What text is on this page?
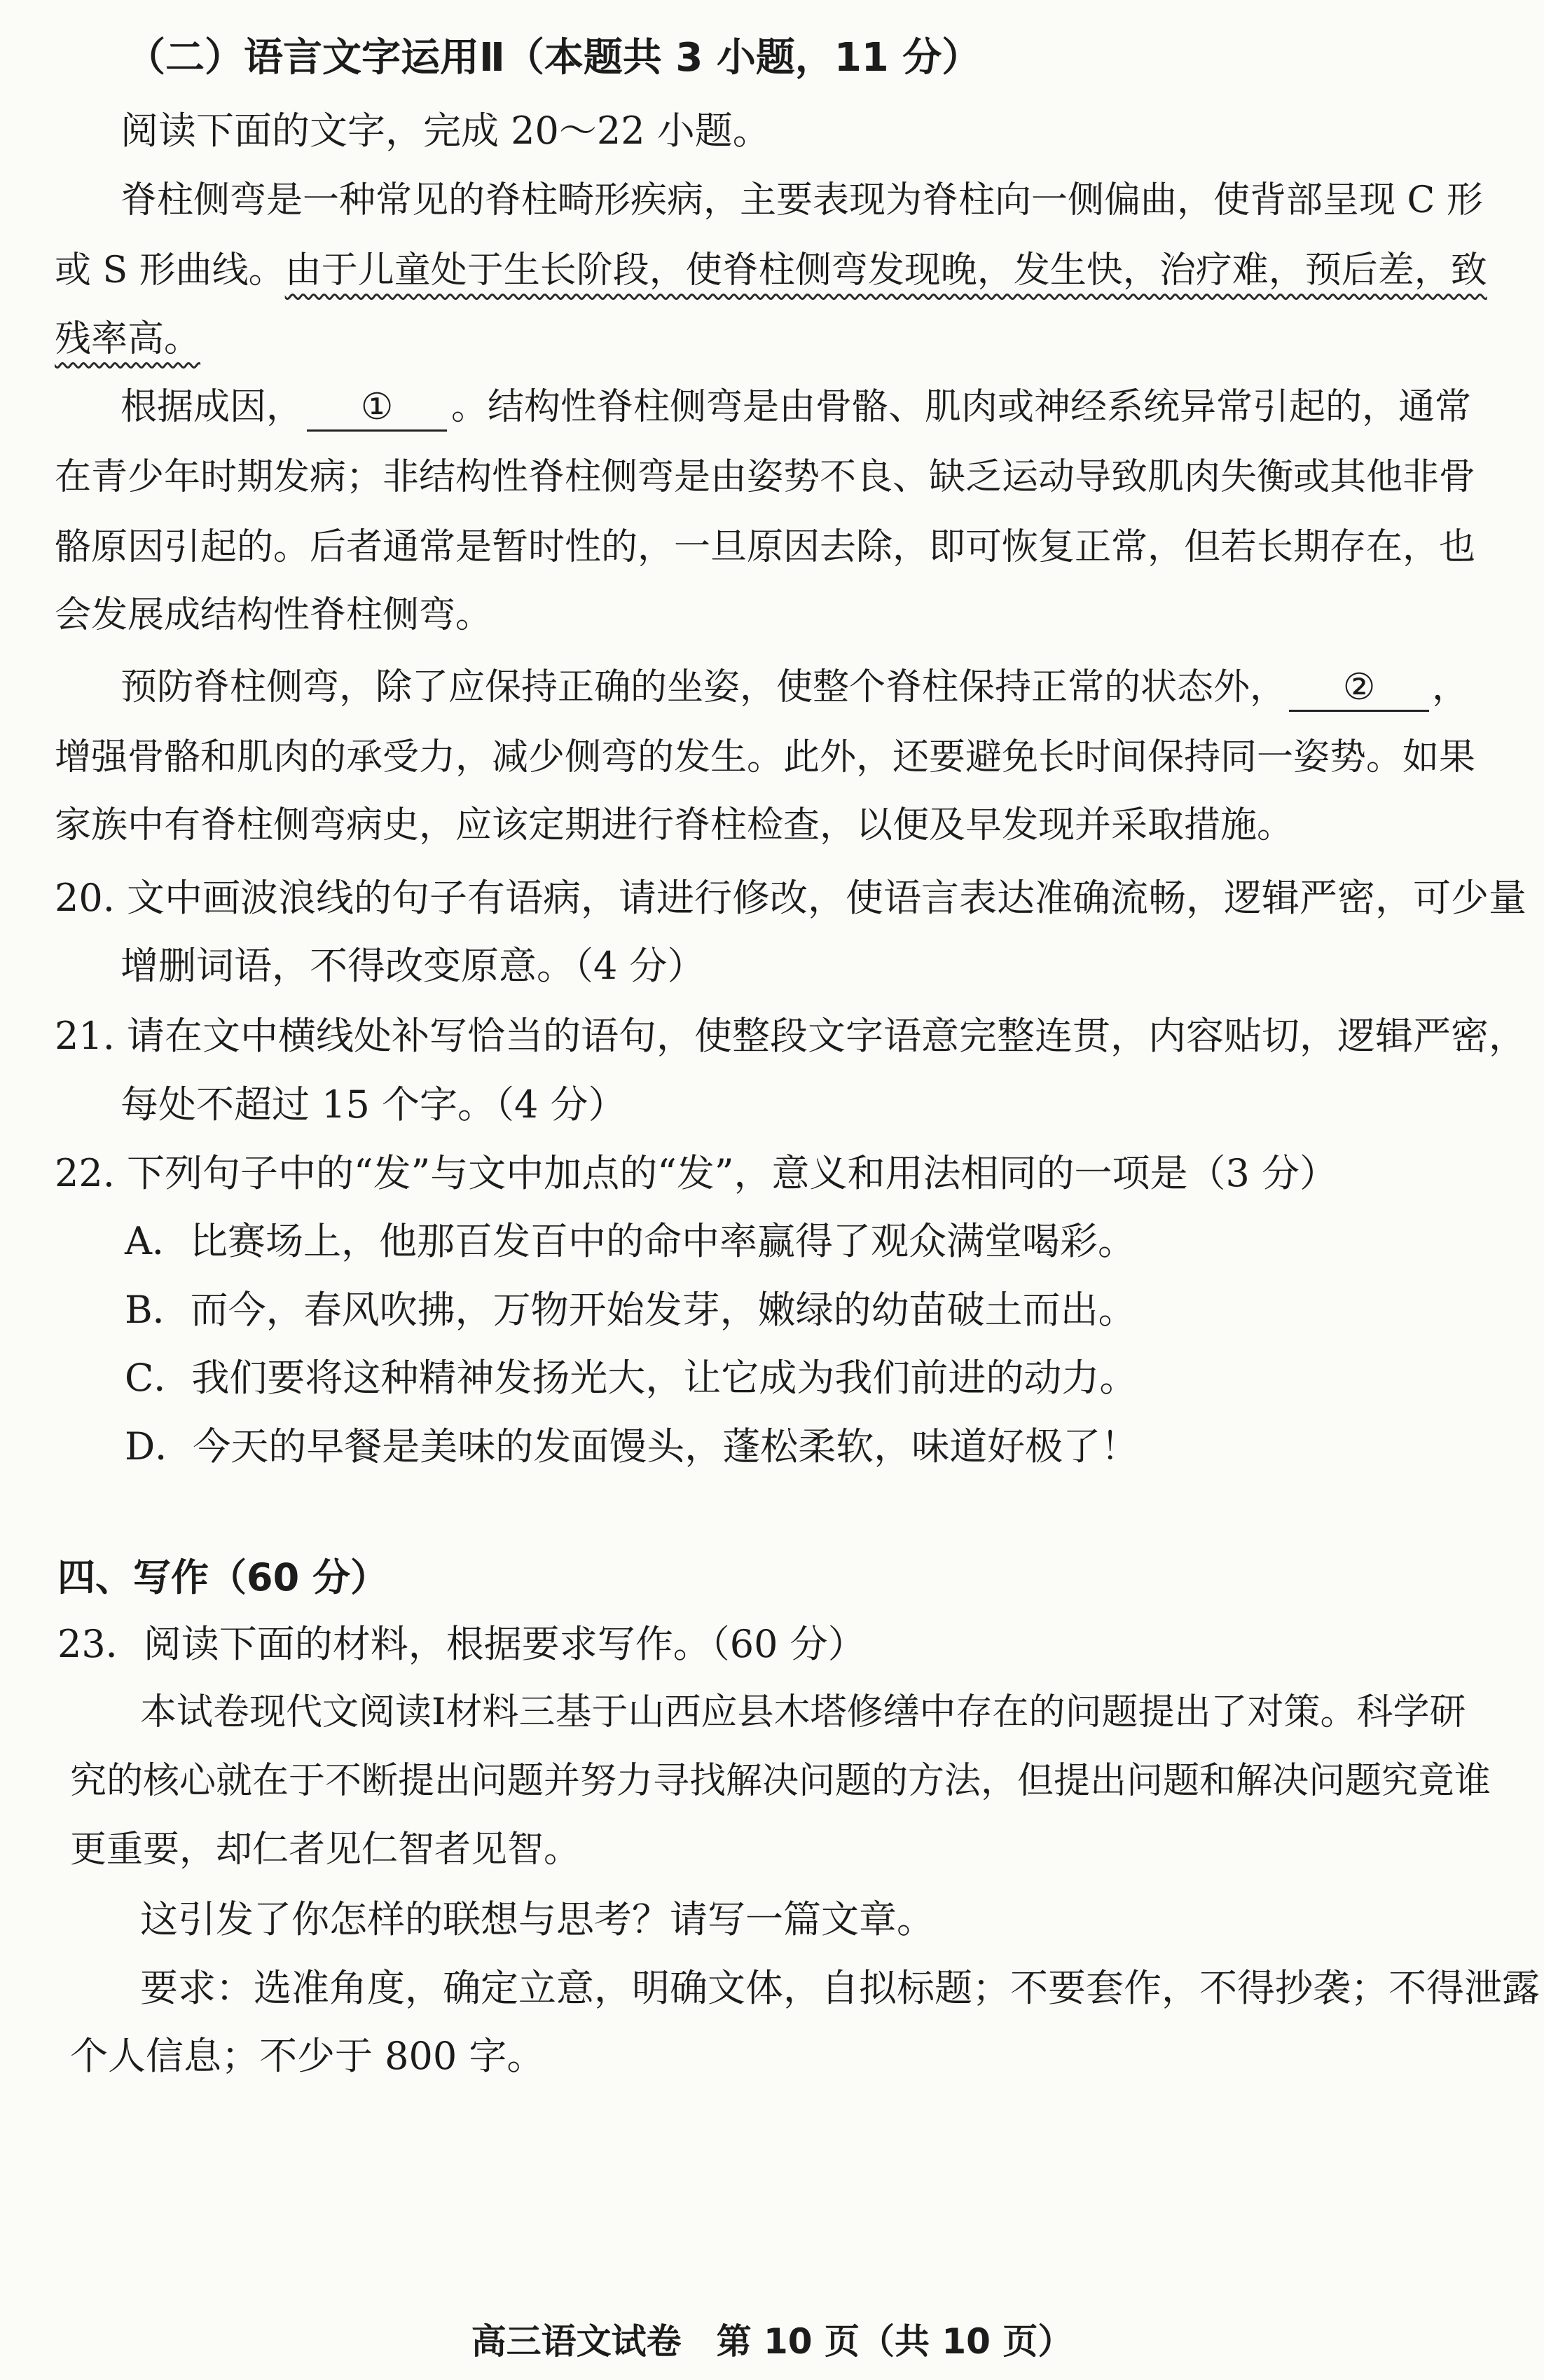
（二）语言文字运用Ⅱ（本题共 3 小题，11 分）
阅读下面的文字，完成 20～22 小题。
脊柱侧弯是一种常见的脊柱畸形疾病，主要表现为脊柱向一侧偏曲，使背部呈现 C 形
或 S 形曲线。由于儿童处于生长阶段，使脊柱侧弯发现晚，发生快，治疗难，预后差，致
残率高。
根据成因， ① 。结构性脊柱侧弯是由骨骼、肌肉或神经系统异常引起的，通常
在青少年时期发病；非结构性脊柱侧弯是由姿势不良、缺乏运动导致肌肉失衡或其他非骨
骼原因引起的。后者通常是暂时性的，一旦原因去除，即可恢复正常，但若长期存在，也
会发展成结构性脊柱侧弯。
预防脊柱侧弯，除了应保持正确的坐姿，使整个脊柱保持正常的状态外， ② ，
增强骨骼和肌肉的承受力，减少侧弯的发生。此外，还要避免长时间保持同一姿势。如果
家族中有脊柱侧弯病史，应该定期进行脊柱检查，以便及早发现并采取措施。
20. 文中画波浪线的句子有语病，请进行修改，使语言表达准确流畅，逻辑严密，可少量
增删词语，不得改变原意。（4 分）
21. 请在文中横线处补写恰当的语句，使整段文字语意完整连贯，内容贴切，逻辑严密，
每处不超过 15 个字。（4 分）
22. 下列句子中的“发”与文中加点的“发”，意义和用法相同的一项是（3 分）
A．比赛场上，他那百发百中的命中率赢得了观众满堂喝彩。
B．而今，春风吹拂，万物开始发芽，嫩绿的幼苗破土而出。
C．我们要将这种精神发扬光大，让它成为我们前进的动力。
D．今天的早餐是美味的发面馒头，蓬松柔软，味道好极了！
四、写作（60 分）
23．阅读下面的材料，根据要求写作。（60 分）
本试卷现代文阅读Ⅰ材料三基于山西应县木塔修缮中存在的问题提出了对策。科学研
究的核心就在于不断提出问题并努力寻找解决问题的方法，但提出问题和解决问题究竟谁
更重要，却仁者见仁智者见智。
这引发了你怎样的联想与思考？请写一篇文章。
要求：选准角度，确定立意，明确文体，自拟标题；不要套作，不得抄袭；不得泄露
个人信息；不少于 800 字。
高三语文试卷　第 10 页（共 10 页）
